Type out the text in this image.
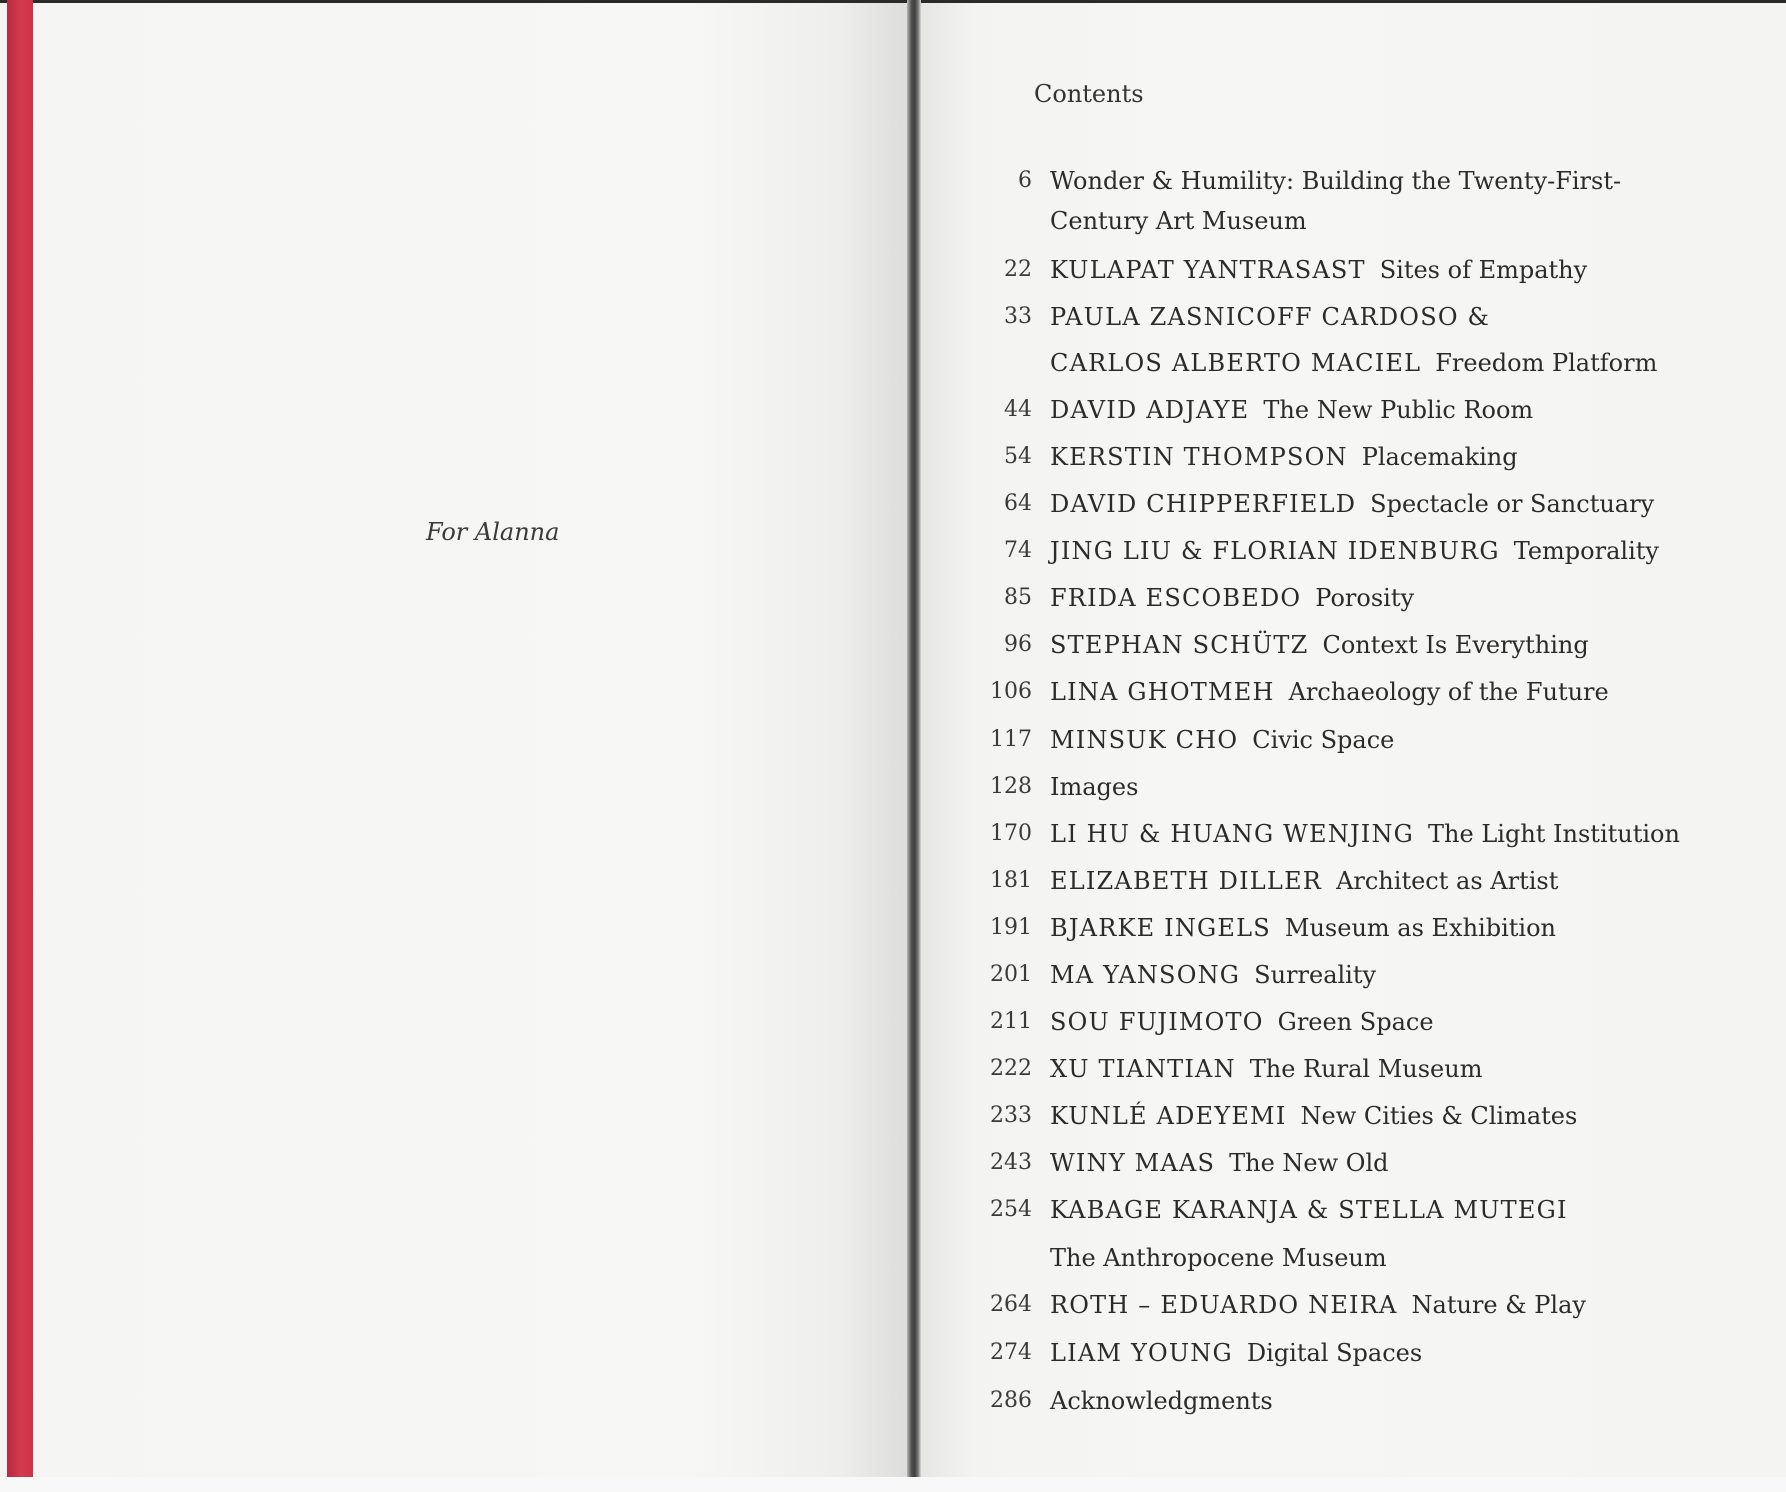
For Alanna
Contents
6 Wonder & Humility: Building the Twenty-First-
Century Art Museum
22 KULAPAT YANTRASAST Sites of Empathy
33 PAULA ZASNICOFF CARDOSO &
CARLOS ALBERTO MACIEL Freedom Platform
44 DAVID ADJAYE The New Public Room
54 KERSTIN THOMPSON Placemaking
64 DAVID CHIPPERFIELD Spectacle or Sanctuary
74 JING LIU & FLORIAN IDENBURG Temporality
85 FRIDA ESCOBEDO Porosity
96 STEPHAN SCHÜTZ Context Is Everything
106 LINA GHOTMEH Archaeology of the Future
117 MINSUK CHO Civic Space
128 Images
170 LI HU & HUANG WENJING The Light Institution
181 ELIZABETH DILLER Architect as Artist
191 BJARKE INGELS Museum as Exhibition
201 MA YANSONG Surreality
211 SOU FUJIMOTO Green Space
222 XU TIANTIAN The Rural Museum
233 KUNLÉ ADEYEMI New Cities & Climates
243 WINY MAAS The New Old
254 KABAGE KARANJA & STELLA MUTEGI
The Anthropocene Museum
264 ROTH – EDUARDO NEIRA Nature & Play
274 LIAM YOUNG Digital Spaces
286 Acknowledgments
